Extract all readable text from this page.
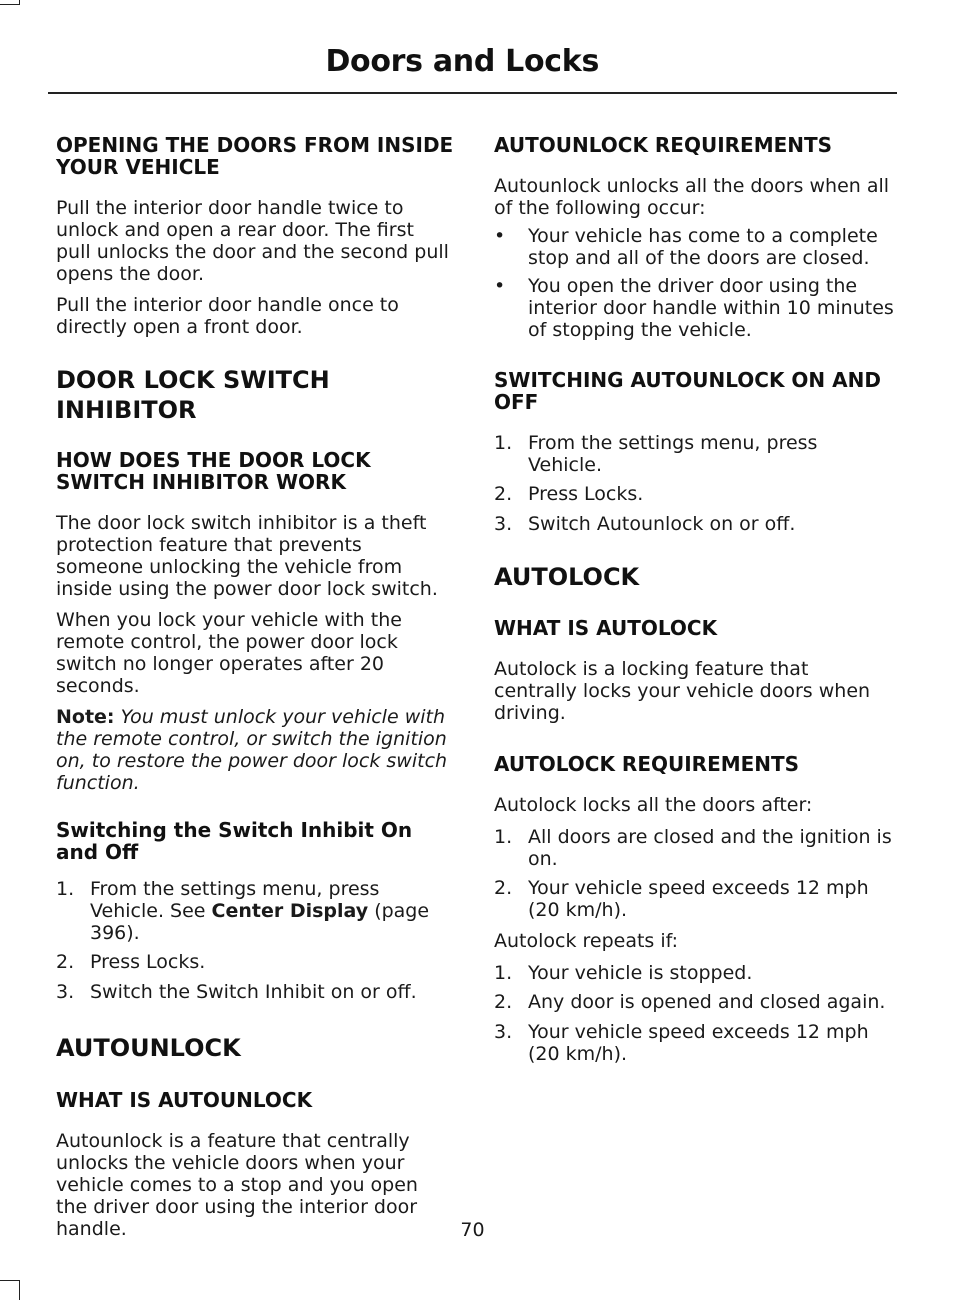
Doors and Locks
OPENING THE DOORS FROM INSIDE YOUR VEHICLE

Pull the interior door handle twice to unlock and open a rear door. The first pull unlocks the door and the second pull opens the door.

Pull the interior door handle once to directly open a front door.

DOOR LOCK SWITCH INHIBITOR
HOW DOES THE DOOR LOCK SWITCH INHIBITOR WORK

The door lock switch inhibitor is a theft protection feature that prevents someone unlocking the vehicle from inside using the power door lock switch.

When you lock your vehicle with the remote control, the power door lock switch no longer operates after 20 seconds.

Note: You must unlock your vehicle with the remote control, or switch the ignition on, to restore the power door lock switch function.

Switching the Switch Inhibit On and Off
1. From the settings menu, press Vehicle. See Center Display (page 396).
2. Press Locks.
3. Switch the Switch Inhibit on or off.
AUTOUNLOCK
WHAT IS AUTOUNLOCK

Autounlock is a feature that centrally unlocks the vehicle doors when your vehicle comes to a stop and you open the driver door using the interior door handle.

AUTOUNLOCK REQUIREMENTS

Autounlock unlocks all the doors when all of the following occur:

• Your vehicle has come to a complete stop and all of the doors are closed.
• You open the driver door using the interior door handle within 10 minutes of stopping the vehicle.
SWITCHING AUTOUNLOCK ON AND OFF
1. From the settings menu, press Vehicle.
2. Press Locks.
3. Switch Autounlock on or off.
AUTOLOCK
WHAT IS AUTOLOCK

Autolock is a locking feature that centrally locks your vehicle doors when driving.

AUTOLOCK REQUIREMENTS

Autolock locks all the doors after:

1. All doors are closed and the ignition is on.
2. Your vehicle speed exceeds 12 mph (20 km/h).

Autolock repeats if:

1. Your vehicle is stopped.
2. Any door is opened and closed again.
3. Your vehicle speed exceeds 12 mph (20 km/h).
70
